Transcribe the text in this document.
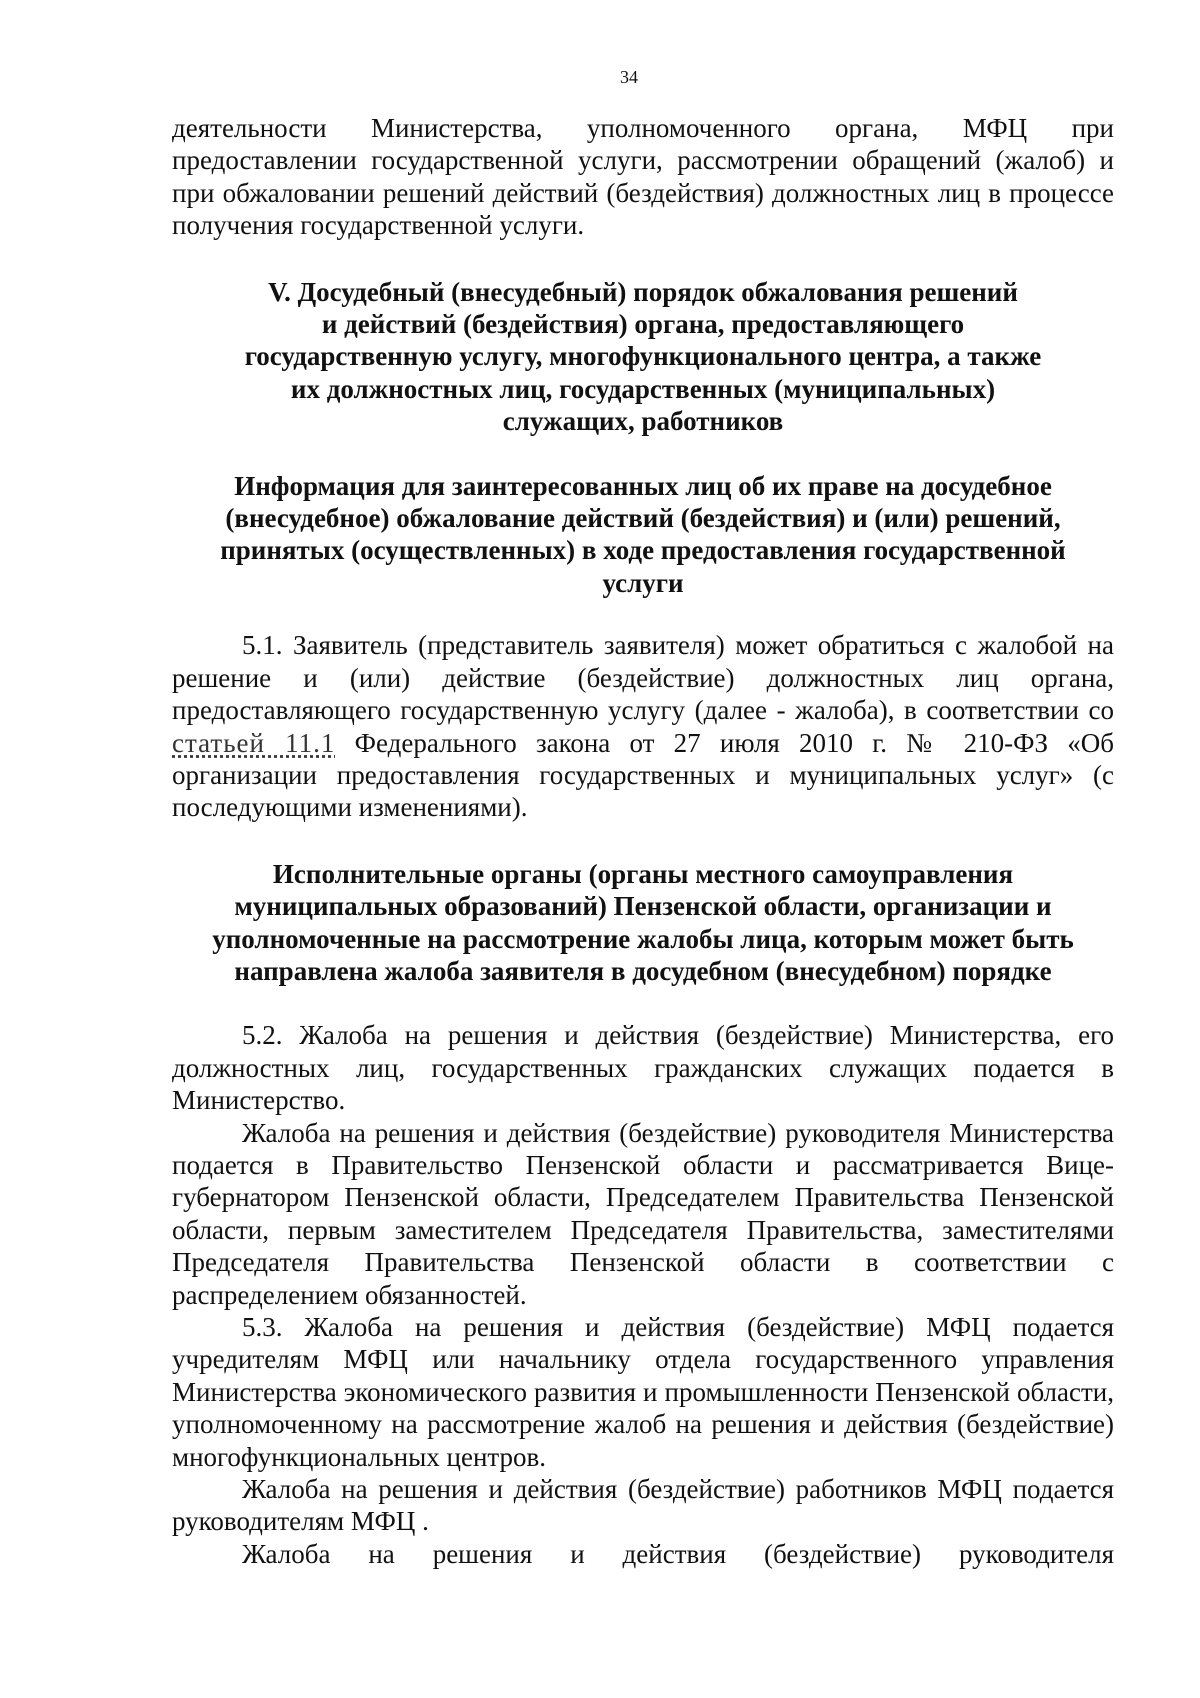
34

деятельности Министерства, уполномоченного органа, МФЦ при предоставлении государственной услуги, рассмотрении обращений (жалоб) и при обжаловании решений действий (бездействия) должностных лиц в процессе получения государственной услуги.

V. Досудебный (внесудебный) порядок обжалования решений

и действий (бездействия) органа, предоставляющего

государственную услугу, многофункционального центра, а также

их должностных лиц, государственных (муниципальных)

служащих, работников

Информация для заинтересованных лиц об их праве на досудебное

(внесудебное) обжалование действий (бездействия) и (или) решений,

принятых (осуществленных) в ходе предоставления государственной

услуги

5.1. Заявитель (представитель заявителя) может обратиться с жалобой на решение и (или) действие (бездействие) должностных лиц органа, предоставляющего государственную услугу (далее - жалоба), в соответствии со статьей 11.1 Федерального закона от 27 июля 2010 г. № 210-ФЗ «Об организации предоставления государственных и муниципальных услуг» (с последующими изменениями).

Исполнительные органы (органы местного самоуправления

муниципальных образований) Пензенской области, организации и

уполномоченные на рассмотрение жалобы лица, которым может быть

направлена жалоба заявителя в досудебном (внесудебном) порядке

5.2. Жалоба на решения и действия (бездействие) Министерства, его должностных лиц, государственных гражданских служащих подается в Министерство.

Жалоба на решения и действия (бездействие) руководителя Министерства подается в Правительство Пензенской области и рассматривается Вице-губернатором Пензенской области, Председателем Правительства Пензенской области, первым заместителем Председателя Правительства, заместителями Председателя Правительства Пензенской области в соответствии с распределением обязанностей.

5.3. Жалоба на решения и действия (бездействие) МФЦ подается учредителям МФЦ или начальнику отдела государственного управления Министерства экономического развития и промышленности Пензенской области, уполномоченному на рассмотрение жалоб на решения и действия (бездействие) многофункциональных центров.

Жалоба на решения и действия (бездействие) работников МФЦ подается руководителям МФЦ .

Жалоба на решения и действия (бездействие) руководителя
